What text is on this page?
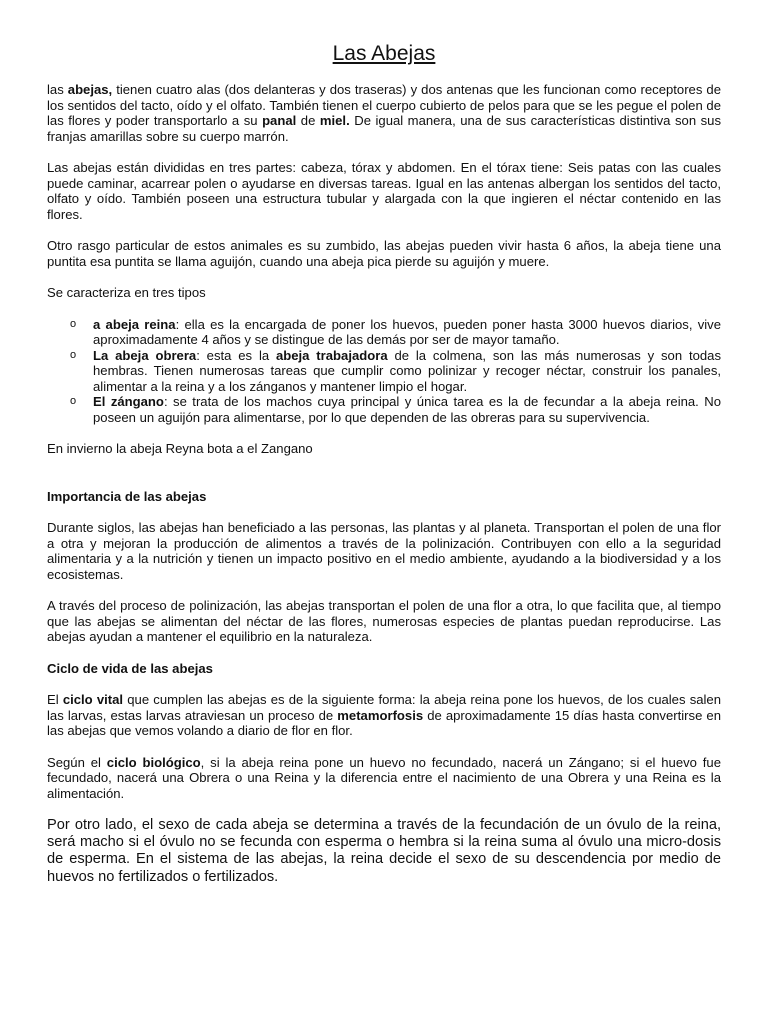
Las Abejas

las abejas, tienen cuatro alas (dos delanteras y dos traseras) y dos antenas que les funcionan como receptores de los sentidos del tacto, oído y el olfato. También tienen el cuerpo cubierto de pelos para que se les pegue el polen de las flores y poder transportarlo a su panal de miel. De igual manera, una de sus características distintiva son sus franjas amarillas sobre su cuerpo marrón.

Las abejas están divididas en tres partes: cabeza, tórax y abdomen. En el tórax tiene: Seis patas con las cuales puede caminar, acarrear polen o ayudarse en diversas tareas. Igual en las antenas albergan los sentidos del tacto, olfato y oído. También poseen una estructura tubular y alargada con la que ingieren el néctar contenido en las flores.

Otro rasgo particular de estos animales es su zumbido, las abejas pueden vivir hasta 6 años, la abeja tiene una puntita esa puntita se llama aguijón, cuando una abeja pica pierde su aguijón y muere.

Se caracteriza en tres tipos

o a abeja reina: ella es la encargada de poner los huevos, pueden poner hasta 3000 huevos diarios, vive aproximadamente 4 años y se distingue de las demás por ser de mayor tamaño.
o La abeja obrera: esta es la abeja trabajadora de la colmena, son las más numerosas y son todas hembras. Tienen numerosas tareas que cumplir como polinizar y recoger néctar, construir los panales, alimentar a la reina y a los zánganos y mantener limpio el hogar.
o El zángano: se trata de los machos cuya principal y única tarea es la de fecundar a la abeja reina. No poseen un aguijón para alimentarse, por lo que dependen de las obreras para su supervivencia.

En invierno la abeja Reyna bota a el Zangano

Importancia de las abejas

Durante siglos, las abejas han beneficiado a las personas, las plantas y al planeta. Transportan el polen de una flor a otra y mejoran la producción de alimentos a través de la polinización. Contribuyen con ello a la seguridad alimentaria y a la nutrición y tienen un impacto positivo en el medio ambiente, ayudando a la biodiversidad y a los ecosistemas.

A través del proceso de polinización, las abejas transportan el polen de una flor a otra, lo que facilita que, al tiempo que las abejas se alimentan del néctar de las flores, numerosas especies de plantas puedan reproducirse. Las abejas ayudan a mantener el equilibrio en la naturaleza.

Ciclo de vida de las abejas

El ciclo vital que cumplen las abejas es de la siguiente forma: la abeja reina pone los huevos, de los cuales salen las larvas, estas larvas atraviesan un proceso de metamorfosis de aproximadamente 15 días hasta convertirse en las abejas que vemos volando a diario de flor en flor.

Según el ciclo biológico, si la abeja reina pone un huevo no fecundado, nacerá un Zángano; si el huevo fue fecundado, nacerá una Obrera o una Reina y la diferencia entre el nacimiento de una Obrera y una Reina es la alimentación.

Por otro lado, el sexo de cada abeja se determina a través de la fecundación de un óvulo de la reina, será macho si el óvulo no se fecunda con esperma o hembra si la reina suma al óvulo una micro-dosis de esperma. En el sistema de las abejas, la reina decide el sexo de su descendencia por medio de huevos no fertilizados o fertilizados.
